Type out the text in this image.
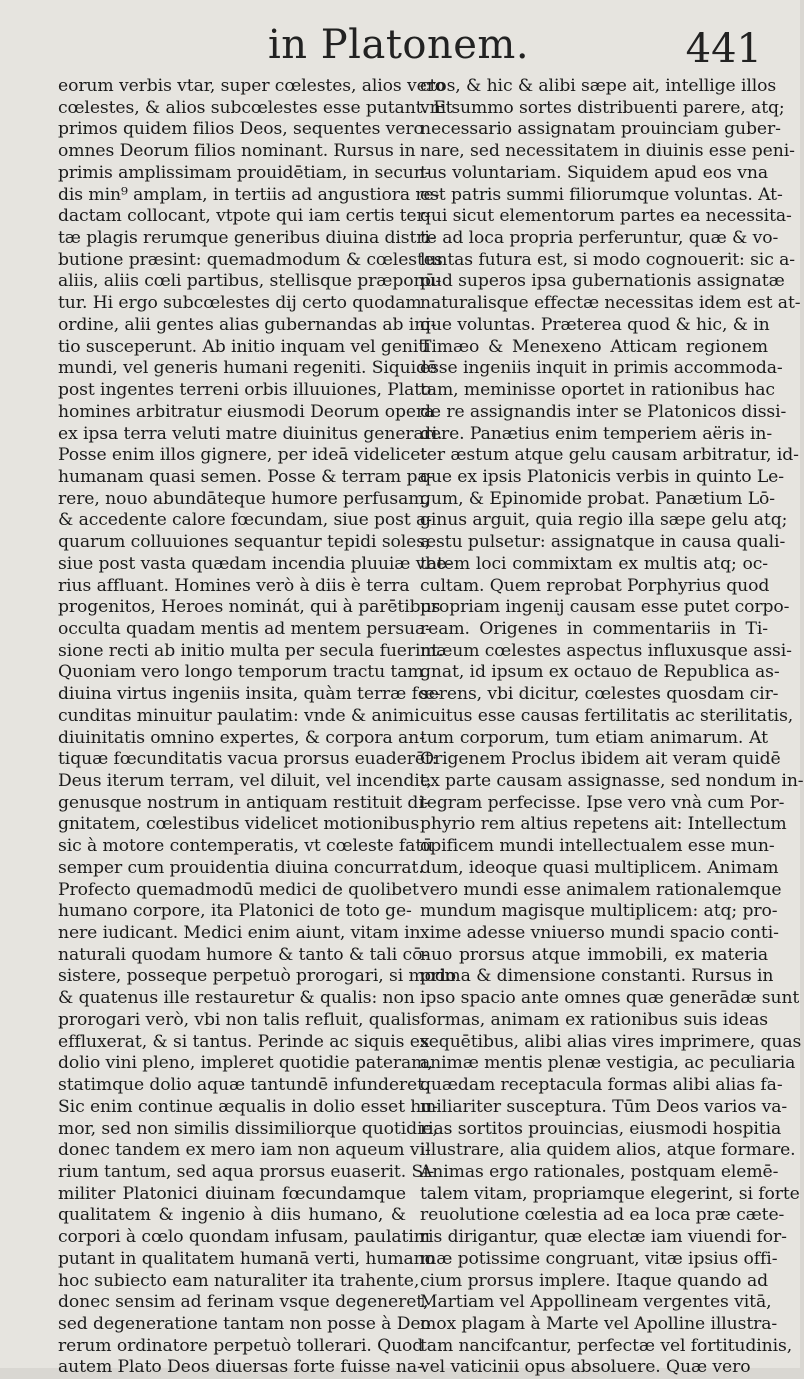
in Platonem.	441
eorum verbis vtar, super cœlestes, alios vero
cœlestes, & alios subcœlestes esse putant. Et
primos quidem filios Deos, sequentes vero
omnes Deorum filios nominant. Rursus in
primis amplissimam prouidētiam, in secun-
dis min⁹ amplam, in tertiis ad angustiora re-
dactam collocant, vtpote qui iam certis ter-
tæ plagis rerumque generibus diuina distri-
butione præsint: quemadmodum & cœlestes
aliis, aliis cœli partibus, stellisque præponū-
tur. Hi ergo subcœlestes dij certo quodam
ordine, alii gentes alias gubernandas ab ini-
tio susceperunt. Ab initio inquam vel geniti
mundi, vel generis humani regeniti. Siquidē
post ingentes terreni orbis illuuiones, Plato
homines arbitratur eiusmodi Deorum opera
ex ipsa terra veluti matre diuinitus generari.
Posse enim illos gignere, per ideā videlicet
humanam quasi semen. Posse & terram pa-
rere, nouo abundāteque humore perfusam,
& accedente calore fœcundam, siue post a-
quarum colluuiones sequantur tepidi soles,
siue post vasta quædam incendia pluuiæ vbe-
rius affluant. Homines verò à diis è terra
progenitos, Heroes nominát, qui à parētibus
occulta quadam mentis ad mentem persua-
sione recti ab initio multa per secula fuerint.
Quoniam vero longo temporum tractu tam
diuina virtus ingeniis insita, quàm terræ fœ-
cunditas minuitur paulatim: vnde & animi
diuinitatis omnino expertes, & corpora an-
tiquæ fœcunditatis vacua prorsus euaderēt:
Deus iterum terram, vel diluit, vel incendit,
genusque nostrum in antiquam restituit di-
gnitatem, cœlestibus videlicet motionibus
sic à motore contemperatis, vt cœleste fatū
semper cum prouidentia diuina concurrat.
Profecto quemadmodū medici de quolibet
humano corpore, ita Platonici de toto ge-
nere iudicant. Medici enim aiunt, vitam in
naturali quodam humore & tanto & tali cō-
sistere, posseque perpetuò prorogari, si modo
& quatenus ille restauretur & qualis: non
prorogari verò, vbi non talis refluit, qualis
effluxerat, & si tantus. Perinde ac siquis ex
dolio vini pleno, impleret quotidie pateram,
statimque dolio aquæ tantundē infunderet.
Sic enim continue æqualis in dolio esset hu-
mor, sed non similis dissimiliorque quotidie,
donec tandem ex mero iam non aqueum vi-
rium tantum, sed aqua prorsus euaserit. Si-
militer Platonici diuinam fœcundamque
qualitatem & ingenio à diis humano, &
corpori à cœlo quondam infusam, paulatim
putant in qualitatem humanā verti, humano
hoc subiecto eam naturaliter ita trahente,
donec sensim ad ferinam vsque degeneret,
sed degeneratione tantam non posse à Deo
rerum ordinatore perpetuò tollerari. Quod
autem Plato Deos diuersas forte fuisse na-
ctos, & hic & alibi sæpe ait, intellige illos
vni summo sortes distribuenti parere, atq;
necessario assignatam prouinciam guber-
nare, sed necessitatem in diuinis esse peni-
tus voluntariam. Siquidem apud eos vna
est patris summi filiorumque voluntas. At-
qui sicut elementorum partes ea necessita-
te ad loca propria perferuntur, quæ & vo-
luntas futura est, si modo cognouerit: sic a-
pud superos ipsa gubernationis assignatæ
naturalisque effectæ necessitas idem est at-
que voluntas. Præterea quod & hic, & in
Timæo & Menexeno Atticam regionem
esse ingeniis inquit in primis accommoda-
tam, meminisse oportet in rationibus hac
de re assignandis inter se Platonicos dissi-
dere. Panætius enim temperiem aëris in-
ter æstum atque gelu causam arbitratur, id-
que ex ipsis Platonicis verbis in quinto Le-
gum, & Epinomide probat. Panætium Lō-
ginus arguit, quia regio illa sæpe gelu atq;
æstu pulsetur: assignatque in causa quali-
tatem loci commixtam ex multis atq; oc-
cultam. Quem reprobat Porphyrius quod
propriam ingenij causam esse putet corpo-
ream. Origenes in commentariis in Ti-
mæum cœlestes aspectus influxusque assi-
gnat, id ipsum ex octauo de Republica as-
serens, vbi dicitur, cœlestes quosdam cir-
cuitus esse causas fertilitatis ac sterilitatis,
tum corporum, tum etiam animarum. At
Origenem Proclus ibidem ait veram quidē
ex parte causam assignasse, sed nondum in-
tegram perfecisse. Ipse vero vnà cum Por-
phyrio rem altius repetens ait: Intellectum
opificem mundi intellectualem esse mun-
dum, ideoque quasi multiplicem. Animam
vero mundi esse animalem rationalemque
mundum magisque multiplicem: atq; pro-
xime adesse vniuerso mundi spacio conti-
nuo prorsus atque immobili, ex materia
prima & dimensione constanti. Rursus in
ipso spacio ante omnes quæ generādæ sunt
formas, animam ex rationibus suis ideas
sequētibus, alibi alias vires imprimere, quas
animæ mentis plenæ vestigia, ac peculiaria
quædam receptacula formas alibi alias fa-
miliariter susceptura. Tūm Deos varios va-
rias sortitos prouincias, eiusmodi hospitia
illustrare, alia quidem alios, atque formare.
Animas ergo rationales, postquam elemē-
talem vitam, propriamque elegerint, si forte
reuolutione cœlestia ad ea loca præ cæte-
ris dirigantur, quæ electæ iam viuendi for-
mæ potissime congruant, vitæ ipsius offi-
cium prorsus implere. Itaque quando ad
Martiam vel Appollineam vergentes vitā,
mox plagam à Marte vel Apolline illustra-
tam nancifcantur, perfectæ vel fortitudinis,
vel vaticinii opus absoluere. Quæ vero
